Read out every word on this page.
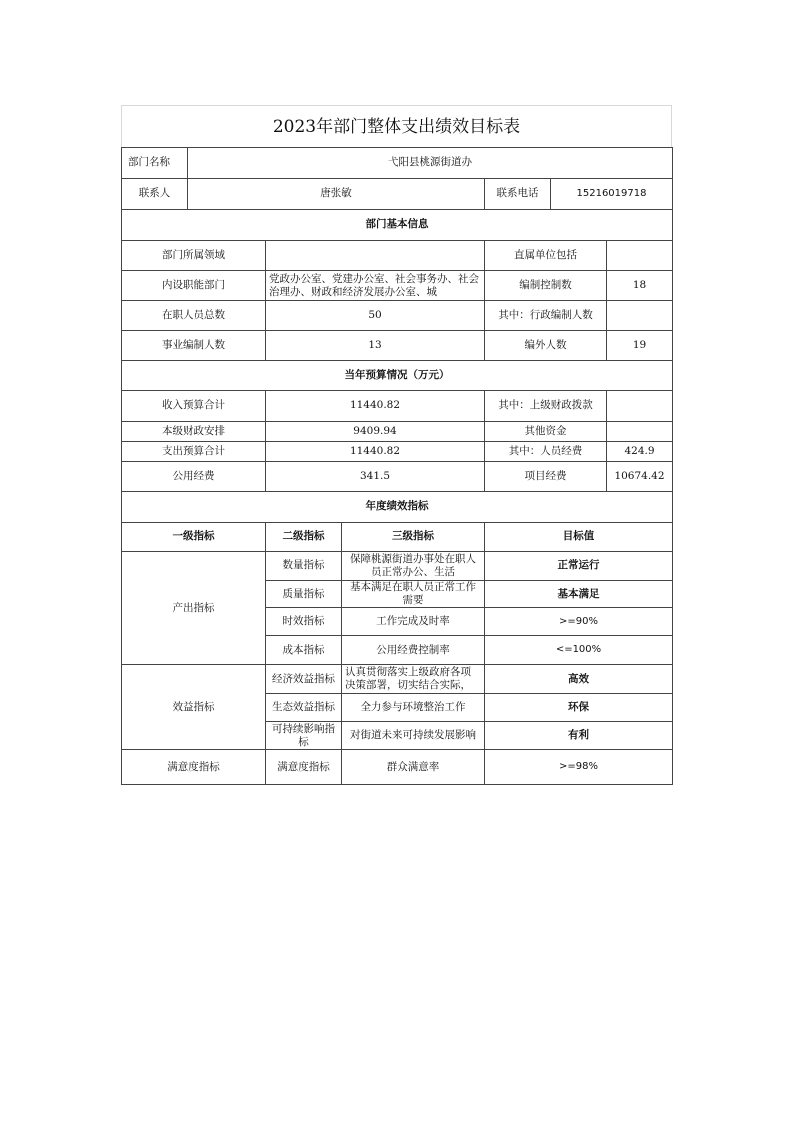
2023年部门整体支出绩效目标表
部门名称	弋阳县桃源街道办					
联系人	唐张敏			联系电话	15216019718	
部门基本信息						
部门所属领域				直属单位包括		
内设职能部门		党政办公室、党建办公室、社会事务办、社会治理办、财政和经济发展办公室、城		编制控制数		18
在职人员总数		50		其中：行政编制人数		
事业编制人数		13		编外人数		19
当年预算情况（万元）						
收入预算合计		11440.82		其中：上级财政拨款		
本级财政安排		9409.94		其他资金		
支出预算合计		11440.82		其中：人员经费		424.9
公用经费		341.5		项目经费		10674.42
年度绩效指标						
一级指标		二级指标	三级指标	目标值		
产出指标		数量指标	保障桃源街道办事处在职人员正常办公、生活	正常运行		
		质量指标	基本满足在职人员正常工作需要	基本满足		
		时效指标	工作完成及时率	>=90%		
		成本指标	公用经费控制率	<=100%		
效益指标		经济效益指标	认真贯彻落实上级政府各项决策部署，切实结合实际，	高效		
		生态效益指标	全力参与环境整治工作	环保		
		可持续影响指标	对街道未来可持续发展影响	有利		
满意度指标		满意度指标	群众满意率	>=98%		
